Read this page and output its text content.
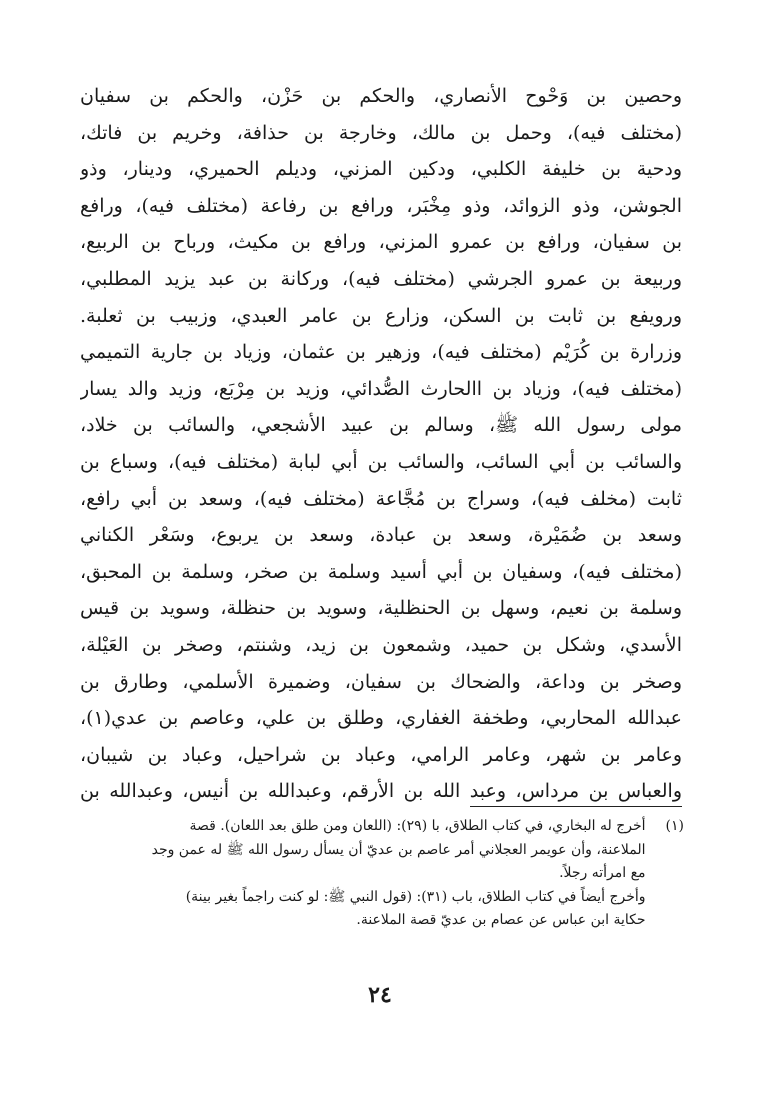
وحصين بن وَحْوح الأنصاري، والحكم بن حَزْن، والحكم بن سفيان
(مختلف فيه)، وحمل بن مالك، وخارجة بن حذافة، وخريم بن فاتك،
ودحية بن خليفة الكلبي، ودكين المزني، وديلم الحميري، ودينار، وذو
الجوشن، وذو الزوائد، وذو مِخْبَر، ورافع بن رفاعة (مختلف فيه)، ورافع
بن سفيان، ورافع بن عمرو المزني، ورافع بن مكيث، ورباح بن الربيع،
وربيعة بن عمرو الجرشي (مختلف فيه)، وركانة بن عبد يزيد المطلبي،
ورويفع بن ثابت بن السكن، وزارع بن عامر العبدي، وزبيب بن ثعلبة.
وزرارة بن كُرَيْم (مختلف فيه)، وزهير بن عثمان، وزياد بن جارية التميمي
(مختلف فيه)، وزياد بن االحارث الصُّدائي، وزيد بن مِرْبَع، وزيد والد يسار
مولى رسول الله ﷺ، وسالم بن عبيد الأشجعي، والسائب بن خلاد،
والسائب بن أبي السائب، والسائب بن أبي لبابة (مختلف فيه)، وسباع بن
ثابت (مخلف فيه)، وسراج بن مُجَّاعة (مختلف فيه)، وسعد بن أبي رافع،
وسعد بن ضُمَيْرة، وسعد بن عبادة، وسعد بن يربوع، وسَعْر الكناني
(مختلف فيه)، وسفيان بن أبي أسيد وسلمة بن صخر، وسلمة بن المحبق،
وسلمة بن نعيم، وسهل بن الحنظلية، وسويد بن حنظلة، وسويد بن قيس
الأسدي، وشكل بن حميد، وشمعون بن زيد، وشنتم، وصخر بن العَيْلة،
وصخر بن وداعة، والضحاك بن سفيان، وضميرة الأسلمي، وطارق بن
عبدالله المحاربي، وطخفة الغفاري، وطلق بن علي، وعاصم بن عدي(١)،
وعامر بن شهر، وعامر الرامي، وعباد بن شراحيل، وعباد بن شيبان،
والعباس بن مرداس، وعبد الله بن الأرقم، وعبدالله بن أنيس، وعبدالله بن
(١) أخرج له البخاري، في كتاب الطلاق، با (٢٩): (اللعان ومن طلق بعد اللعان). قصة
الملاعنة، وأن عويمر العجلاني أمر عاصم بن عديّ أن يسأل رسول الله ﷺ له عمن وجد
مع امرأته رجلاً.
وأخرج أيضاً في كتاب الطلاق، باب (٣١): (قول النبي ﷺ: لو كنت راجماً بغير بينة)
حكاية ابن عباس عن عصام بن عديّ قصة الملاعنة.
٢٤
